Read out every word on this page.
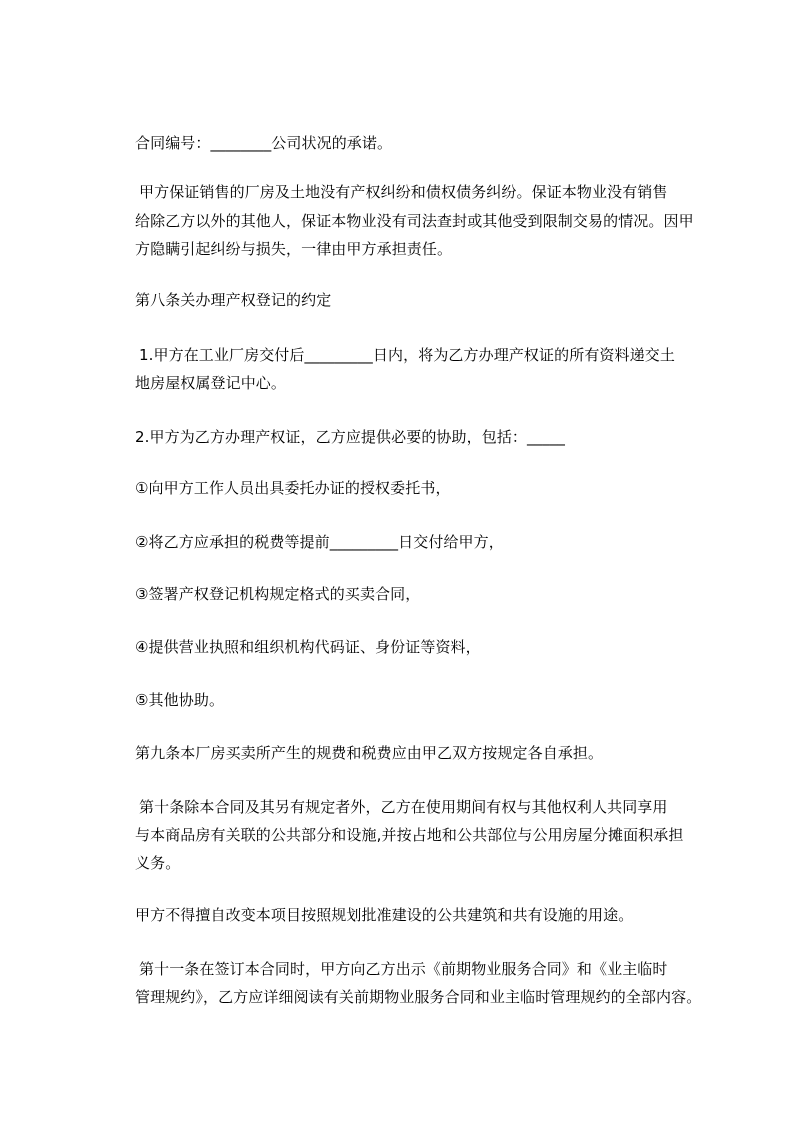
合同编号：________公司状况的承诺。
甲方保证销售的厂房及土地没有产权纠纷和债权债务纠纷。保证本物业没有销售
给除乙方以外的其他人，保证本物业没有司法查封或其他受到限制交易的情况。因甲
方隐瞒引起纠纷与损失，一律由甲方承担责任。
第八条关办理产权登记的约定
1.甲方在工业厂房交付后_________日内，将为乙方办理产权证的所有资料递交土
地房屋权属登记中心。
2.甲方为乙方办理产权证，乙方应提供必要的协助，包括：_____
①向甲方工作人员出具委托办证的授权委托书，
②将乙方应承担的税费等提前_________日交付给甲方，
③签署产权登记机构规定格式的买卖合同，
④提供营业执照和组织机构代码证、身份证等资料，
⑤其他协助。
第九条本厂房买卖所产生的规费和税费应由甲乙双方按规定各自承担。
第十条除本合同及其另有规定者外，乙方在使用期间有权与其他权利人共同享用
与本商品房有关联的公共部分和设施,并按占地和公共部位与公用房屋分摊面积承担
义务。
甲方不得擅自改变本项目按照规划批准建设的公共建筑和共有设施的用途。
第十一条在签订本合同时，甲方向乙方出示《前期物业服务合同》和《业主临时
管理规约》，乙方应详细阅读有关前期物业服务合同和业主临时管理规约的全部内容。
